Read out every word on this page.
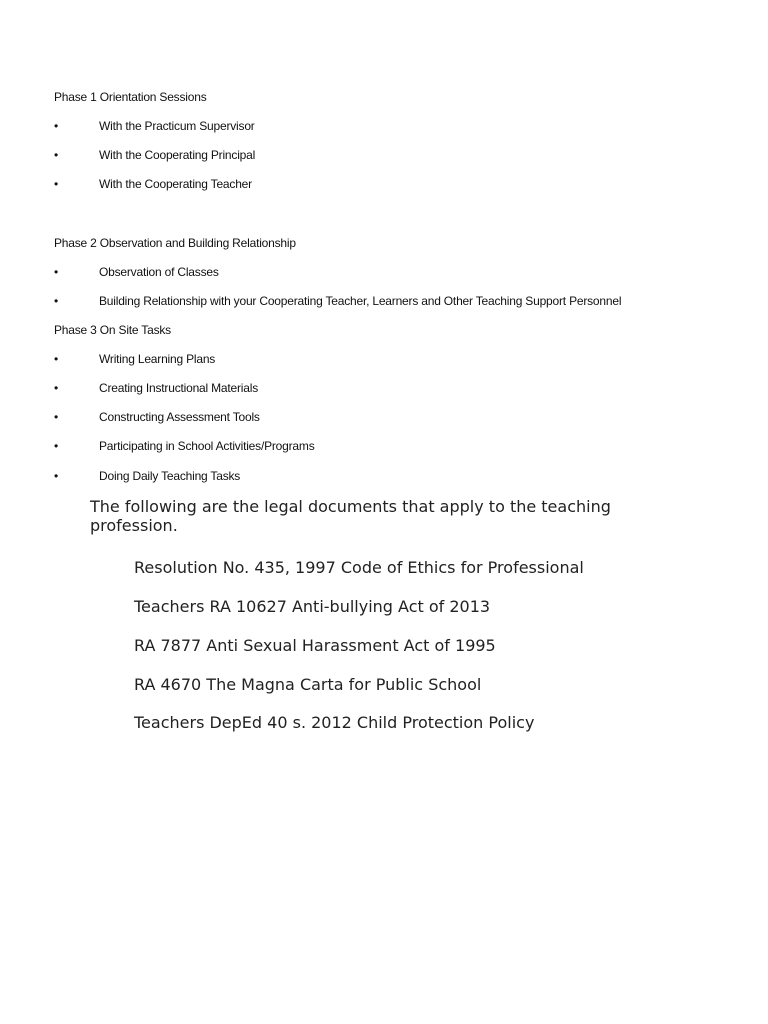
Phase 1 Orientation Sessions
•	With the Practicum Supervisor
•	With the Cooperating Principal
•	With the Cooperating Teacher
Phase 2 Observation and Building Relationship
•	Observation of Classes
•	Building Relationship with your Cooperating Teacher, Learners and Other Teaching Support Personnel
Phase 3 On Site Tasks
•	Writing Learning Plans
•	Creating Instructional Materials
•	Constructing Assessment Tools
•	Participating in School Activities/Programs
•	Doing Daily Teaching Tasks
The following are the legal documents that apply to the teaching profession.
Resolution No. 435, 1997 Code of Ethics for Professional
Teachers RA 10627 Anti-bullying Act of 2013
RA 7877 Anti Sexual Harassment Act of 1995
RA 4670 The Magna Carta for Public School
Teachers DepEd 40 s. 2012 Child Protection Policy
